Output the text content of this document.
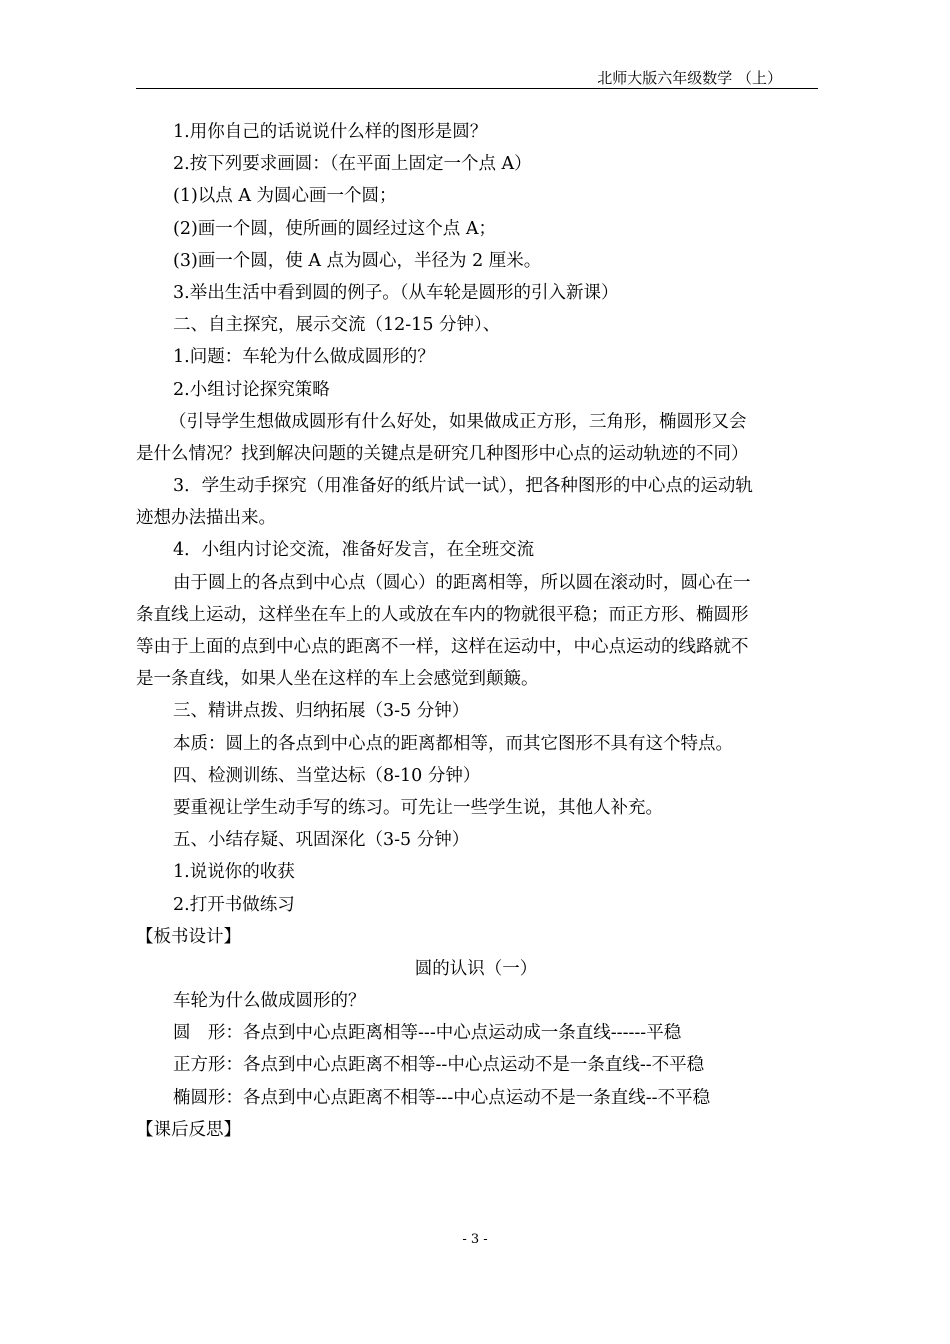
北师大版六年级数学 （上）
1.用你自己的话说说什么样的图形是圆？
2.按下列要求画圆：（在平面上固定一个点 A）
(1)以点 A 为圆心画一个圆；
(2)画一个圆，使所画的圆经过这个点 A；
(3)画一个圆，使 A 点为圆心，半径为 2 厘米。
3.举出生活中看到圆的例子。（从车轮是圆形的引入新课）
二、自主探究，展示交流（12-15 分钟）、
1.问题：车轮为什么做成圆形的？
2.小组讨论探究策略
（引导学生想做成圆形有什么好处，如果做成正方形，三角形，椭圆形又会
是什么情况？找到解决问题的关键点是研究几种图形中心点的运动轨迹的不同）
3．学生动手探究（用准备好的纸片试一试），把各种图形的中心点的运动轨
迹想办法描出来。
4．小组内讨论交流，准备好发言，在全班交流
由于圆上的各点到中心点（圆心）的距离相等，所以圆在滚动时，圆心在一
条直线上运动，这样坐在车上的人或放在车内的物就很平稳；而正方形、椭圆形
等由于上面的点到中心点的距离不一样，这样在运动中，中心点运动的线路就不
是一条直线，如果人坐在这样的车上会感觉到颠簸。
三、精讲点拨、归纳拓展（3-5 分钟）
本质：圆上的各点到中心点的距离都相等，而其它图形不具有这个特点。
四、检测训练、当堂达标（8-10 分钟）
要重视让学生动手写的练习。可先让一些学生说，其他人补充。
五、小结存疑、巩固深化（3-5 分钟）
1.说说你的收获
2.打开书做练习
【板书设计】
圆的认识（一）
车轮为什么做成圆形的？
圆　形：各点到中心点距离相等---中心点运动成一条直线------平稳
正方形：各点到中心点距离不相等--中心点运动不是一条直线--不平稳
椭圆形：各点到中心点距离不相等---中心点运动不是一条直线--不平稳
【课后反思】
- 3 -
